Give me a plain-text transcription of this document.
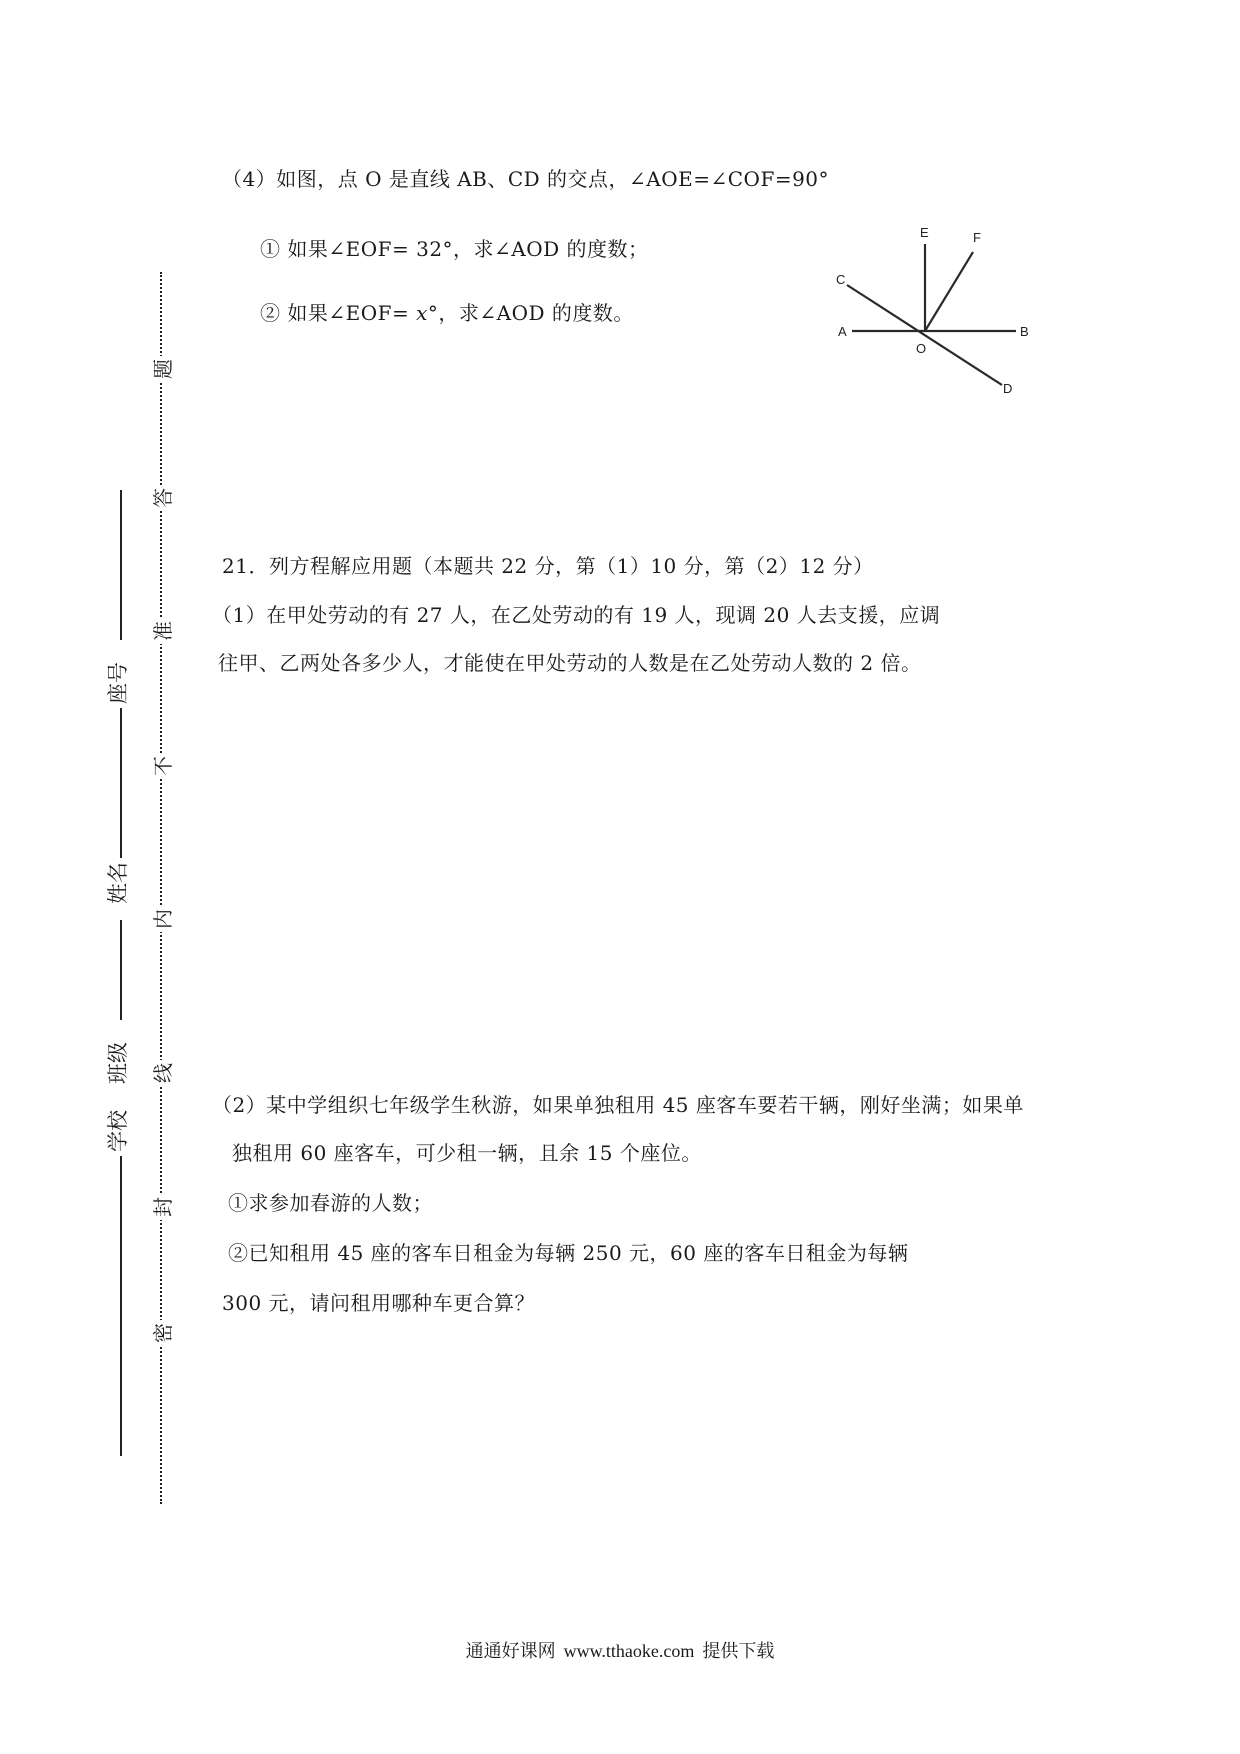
题
答
准
不
内
线
封
密
座号
姓名
班级
学校
（4）如图，点 O 是直线 AB、CD 的交点，∠AOE=∠COF=90°
① 如果∠EOF= 32°，求∠AOD 的度数；
② 如果∠EOF= x°，求∠AOD 的度数。
A	B
C
D
E	F
O
21．列方程解应用题（本题共 22 分，第（1）10 分，第（2）12 分）
（1）在甲处劳动的有 27 人，在乙处劳动的有 19 人，现调 20 人去支援，应调
往甲、乙两处各多少人，才能使在甲处劳动的人数是在乙处劳动人数的 2 倍。
（2）某中学组织七年级学生秋游，如果单独租用 45 座客车要若干辆，刚好坐满；如果单
独租用 60 座客车，可少租一辆，且余 15 个座位。
①求参加春游的人数；
②已知租用 45 座的客车日租金为每辆 250 元，60 座的客车日租金为每辆
300 元，请问租用哪种车更合算？
通通好课网 www.tthaoke.com 提供下载
